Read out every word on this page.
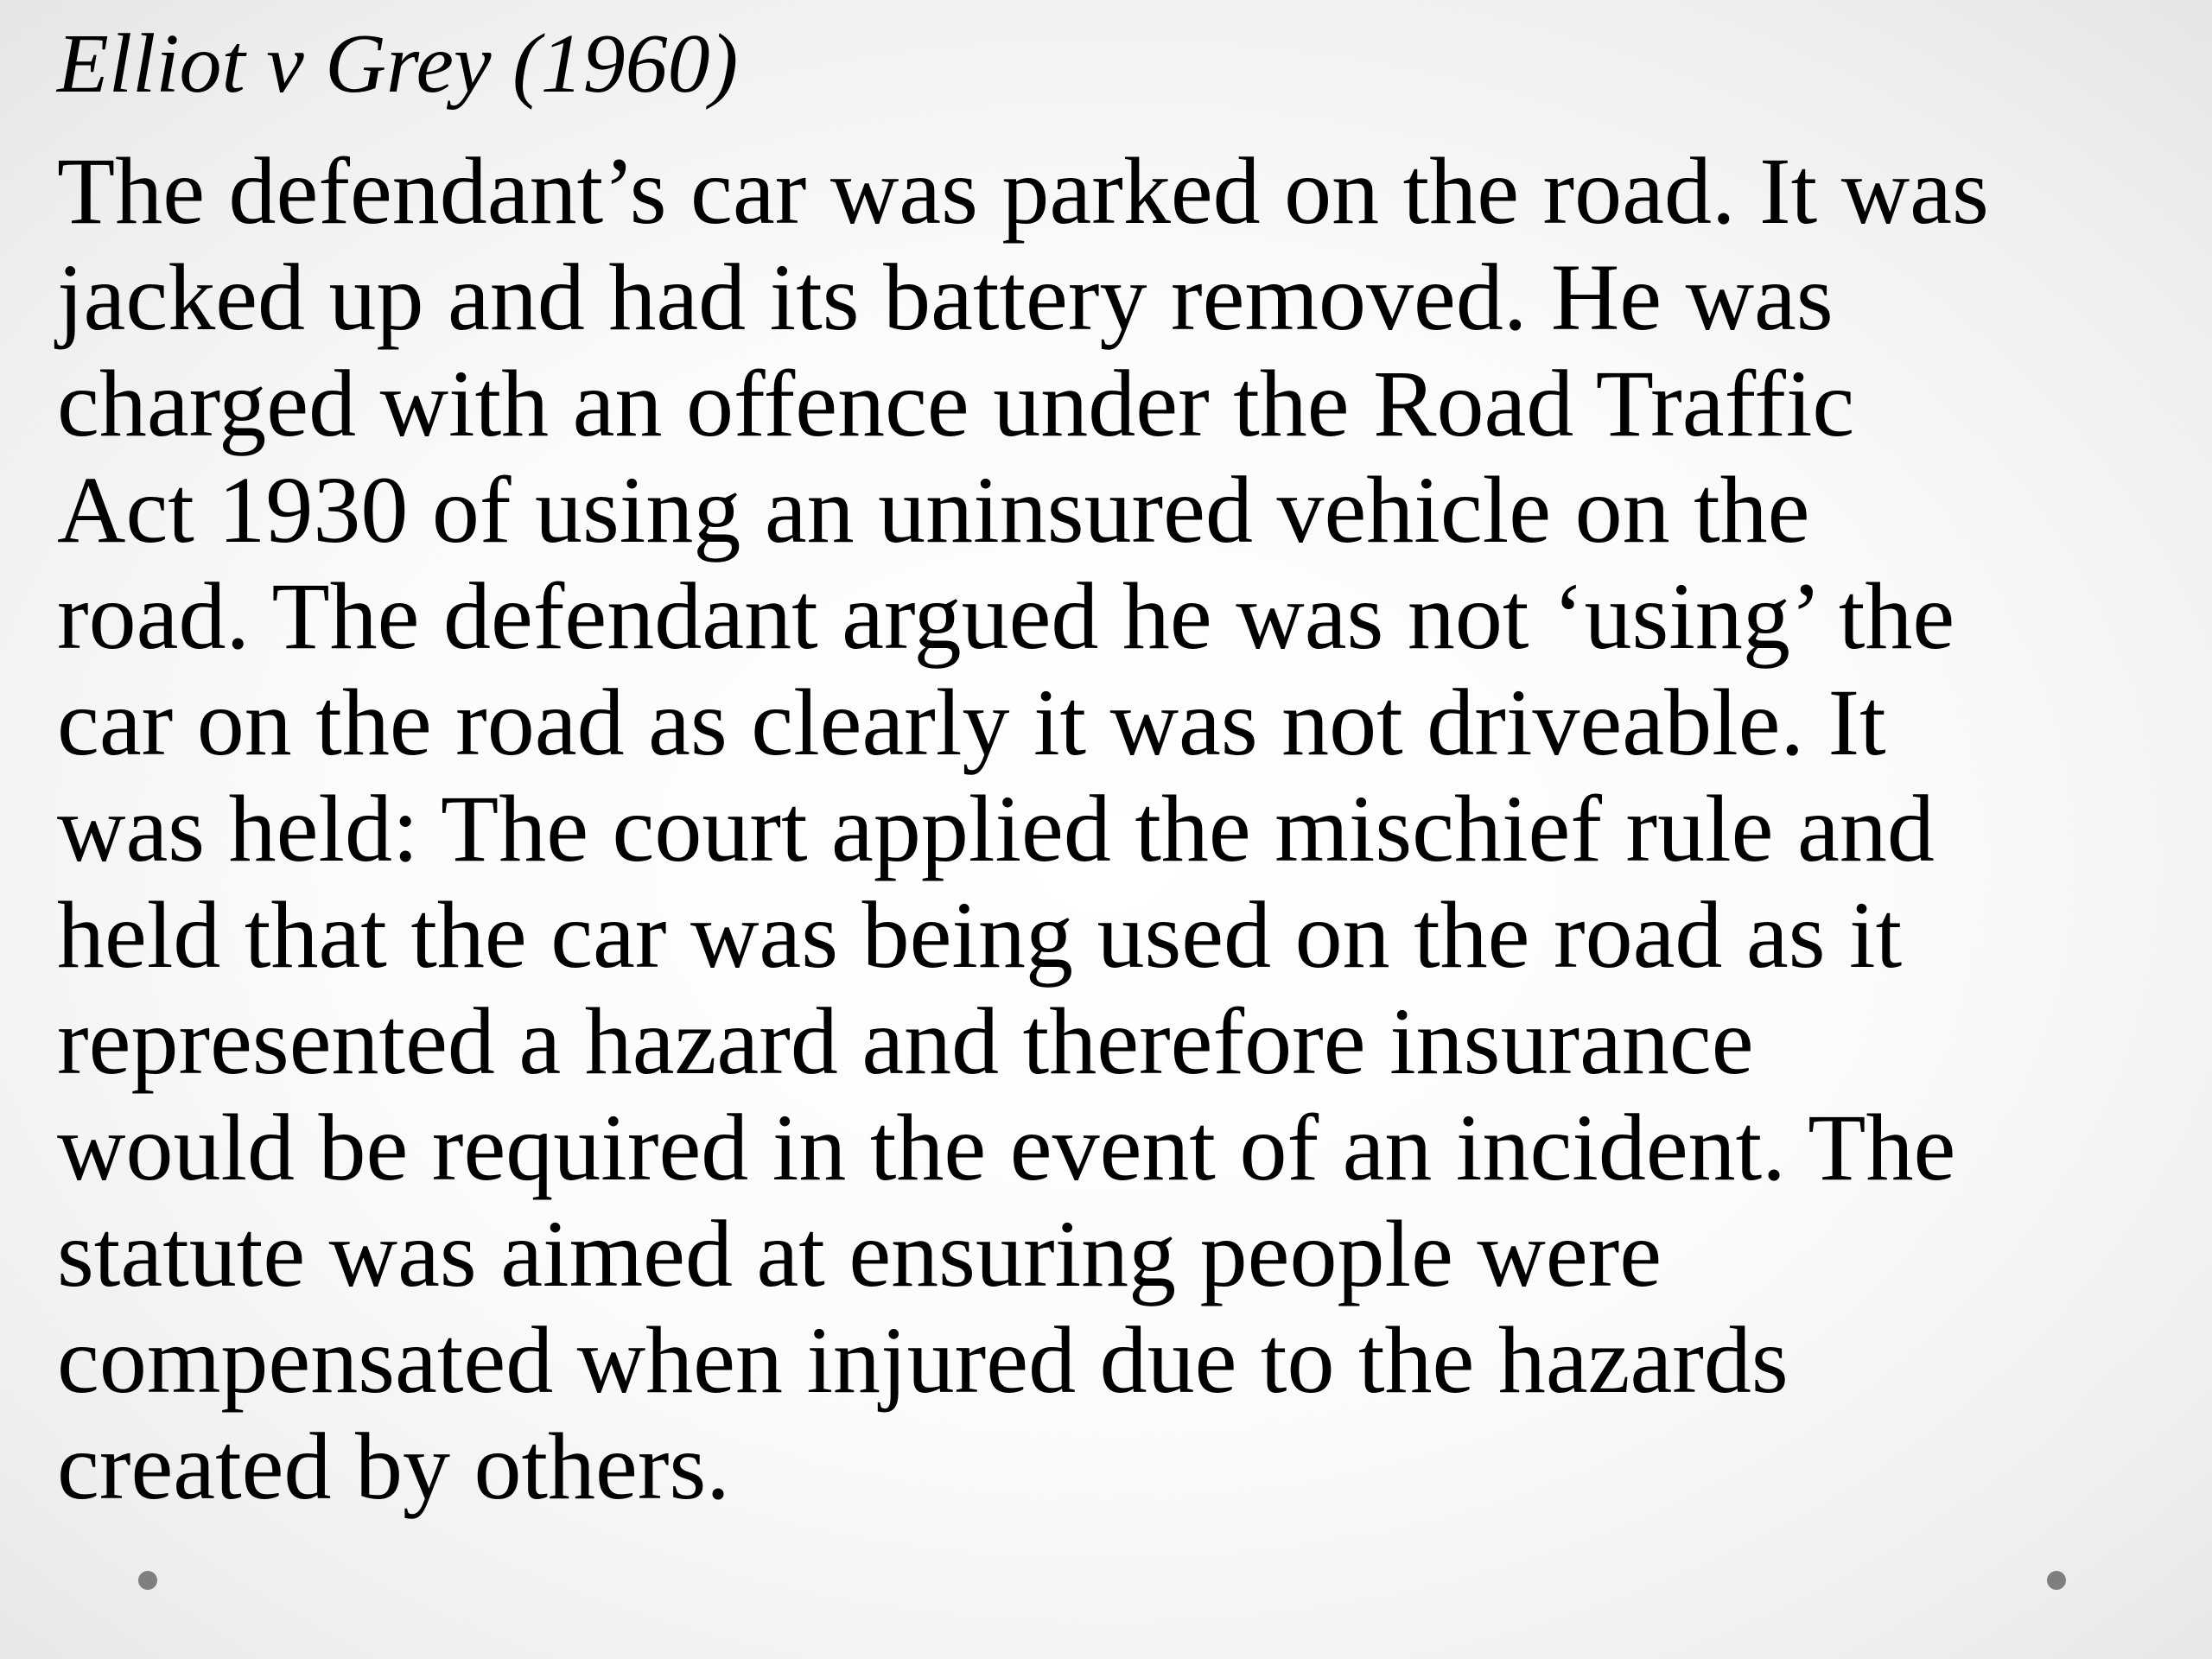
Elliot v Grey (1960)

The defendant’s car was parked on the road. It was
jacked up and had its battery removed. He was
charged with an offence under the Road Traffic
Act 1930 of using an uninsured vehicle on the
road. The defendant argued he was not ‘using’ the
car on the road as clearly it was not driveable. It
was held: The court applied the mischief rule and
held that the car was being used on the road as it
represented a hazard and therefore insurance
would be required in the event of an incident. The
statute was aimed at ensuring people were
compensated when injured due to the hazards
created by others.
